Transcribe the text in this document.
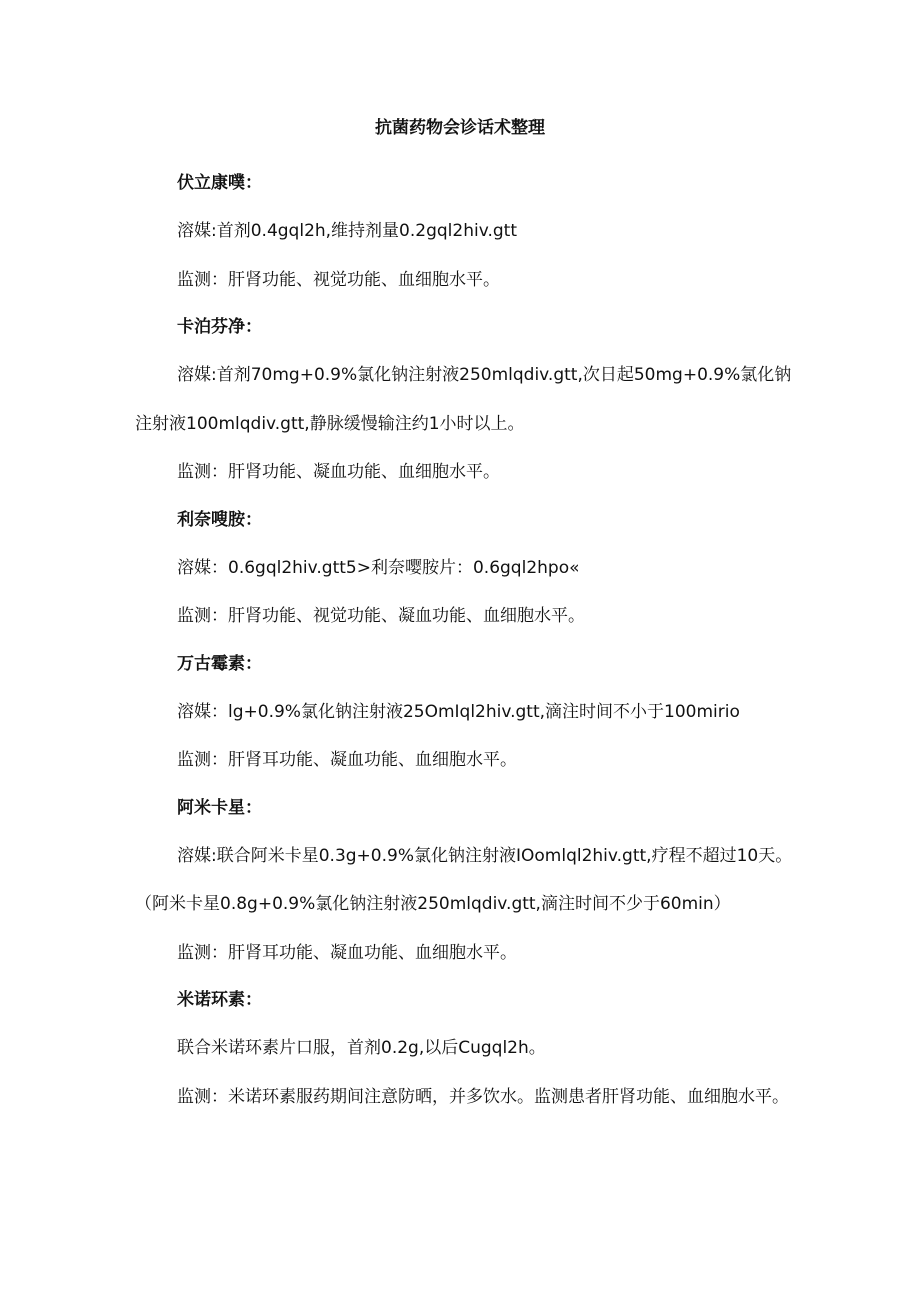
抗菌药物会诊话术整理
伏立康噗：

溶媒:首剂0.4gql2h,维持剂量0.2gql2hiv.gtt

监测：肝肾功能、视觉功能、血细胞水平。

卡泊芬净：

溶媒:首剂70mg+0.9%氯化钠注射液250mlqdiv.gtt,次日起50mg+0.9%氯化钠注射液100mlqdiv.gtt,静脉缓慢输注约1小时以上。

监测：肝肾功能、凝血功能、血细胞水平。

利奈嗖胺：

溶媒：0.6gql2hiv.gtt5>利奈嘤胺片：0.6gql2hpo«

监测：肝肾功能、视觉功能、凝血功能、血细胞水平。

万古霉素：

溶媒：lg+0.9%氯化钠注射液25OmIql2hiv.gtt,滴注时间不小于100mirio

监测：肝肾耳功能、凝血功能、血细胞水平。

阿米卡星：

溶媒:联合阿米卡星0.3g+0.9%氯化钠注射液IOomlql2hiv.gtt,疗程不超过10天。（阿米卡星0.8g+0.9%氯化钠注射液250mlqdiv.gtt,滴注时间不少于60min）

监测：肝肾耳功能、凝血功能、血细胞水平。

米诺环素：

联合米诺环素片口服，首剂0.2g,以后Cugql2h。

监测：米诺环素服药期间注意防晒，并多饮水。监测患者肝肾功能、血细胞水平。
